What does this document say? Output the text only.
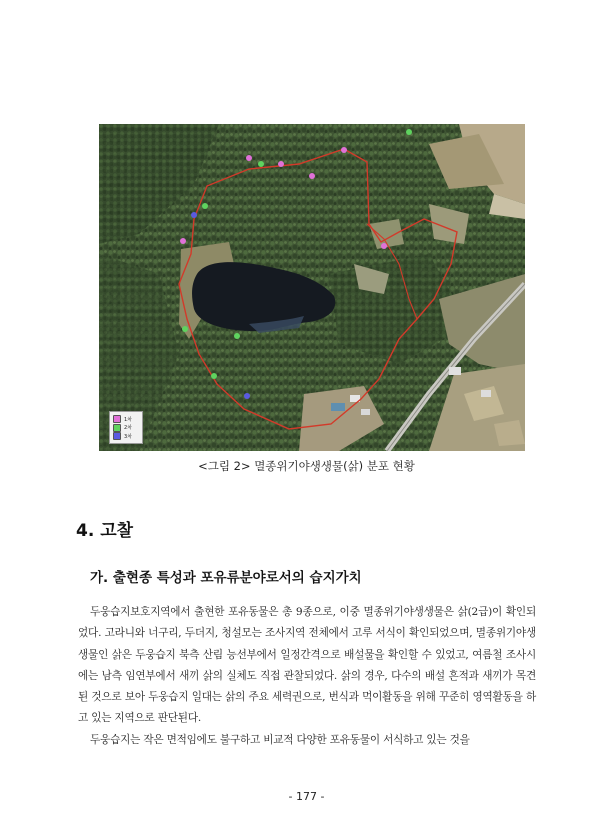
1차
2차
3차
<그림 2> 멸종위기야생생물(삵) 분포 현황
4. 고찰
가. 출현종 특성과 포유류분야로서의 습지가치

두웅습지보호지역에서 출현한 포유동물은 총 9종으로, 이중 멸종위기야생생물은 삵(2급)이 확인되었다. 고라니와 너구리, 두더지, 청설모는 조사지역 전체에서 고루 서식이 확인되었으며, 멸종위기야생생물인 삵은 두웅습지 북측 산림 능선부에서 일정간격으로 배설물을 확인할 수 있었고, 여름철 조사시에는 남측 임연부에서 새끼 삵의 실체도 직접 관찰되었다. 삵의 경우, 다수의 배설 흔적과 새끼가 목견된 것으로 보아 두웅습지 일대는 삵의 주요 세력권으로, 번식과 먹이활동을 위해 꾸준히 영역활동을 하고 있는 지역으로 판단된다.

두웅습지는 작은 면적임에도 불구하고 비교적 다양한 포유동물이 서식하고 있는 것을

- 177 -
